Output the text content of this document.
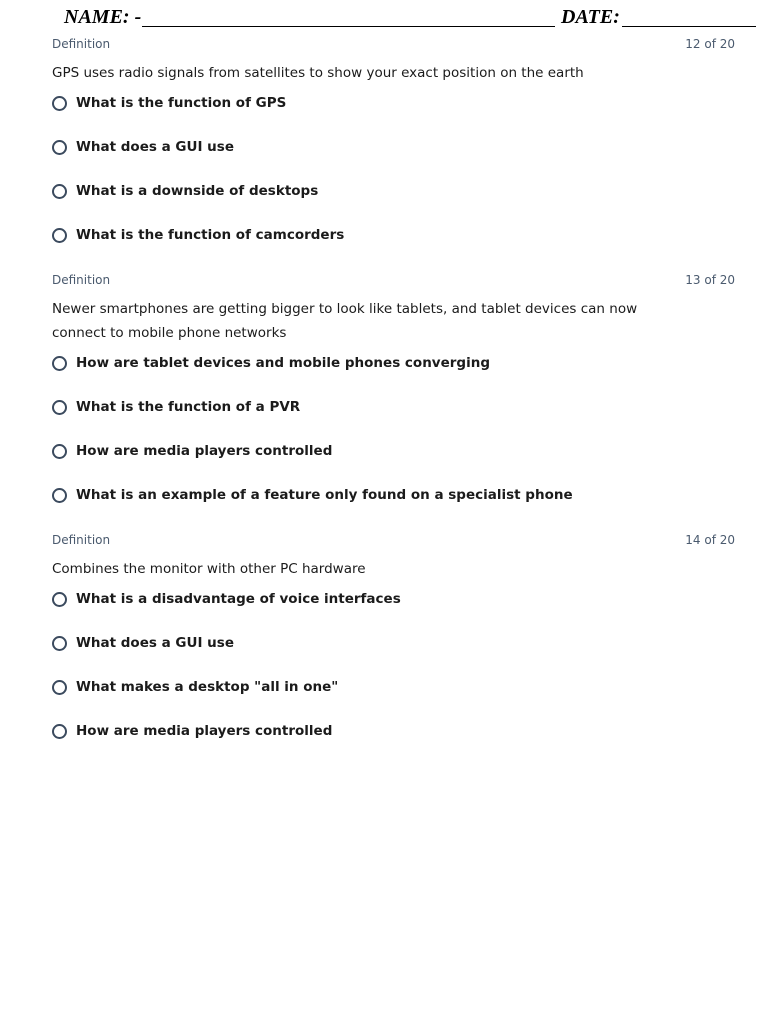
NAME: -	DATE:
Definition	12 of 20
GPS uses radio signals from satellites to show your exact position on the earth
What is the function of GPS
What does a GUI use
What is a downside of desktops
What is the function of camcorders
Definition	13 of 20
Newer smartphones are getting bigger to look like tablets, and tablet devices can now connect to mobile phone networks
How are tablet devices and mobile phones converging
What is the function of a PVR
How are media players controlled
What is an example of a feature only found on a specialist phone
Definition	14 of 20
Combines the monitor with other PC hardware
What is a disadvantage of voice interfaces
What does a GUI use
What makes a desktop "all in one"
How are media players controlled
